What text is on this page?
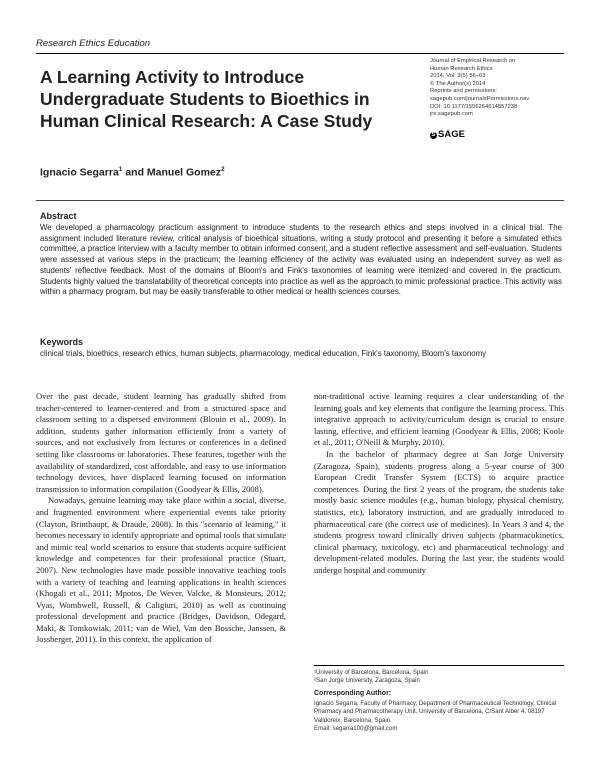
Research Ethics Education
A Learning Activity to Introduce Undergraduate Students to Bioethics in Human Clinical Research: A Case Study
Journal of Empirical Research on
Human Research Ethics
2014, Vol. 9(5) 56–63
© The Author(s) 2014
Reprints and permissions:
sagepub.com/journalsPermissions.nav
DOI: 10.1177/1556264614557238
jre.sagepub.com
S SAGE
Ignacio Segarra$^1$ and Manuel Gomez$^2$
Abstract
We developed a pharmacology practicum assignment to introduce students to the research ethics and steps involved in a clinical trial. The assignment included literature review, critical analysis of bioethical situations, writing a study protocol and presenting it before a simulated ethics committee, a practice interview with a faculty member to obtain informed consent, and a student reflective assessment and self-evaluation. Students were assessed at various steps in the practicum; the learning efficiency of the activity was evaluated using an independent survey as well as students' reflective feedback. Most of the domains of Bloom's and Fink's taxonomies of learning were itemized and covered in the practicum. Students highly valued the translatability of theoretical concepts into practice as well as the approach to mimic professional practice. This activity was within a pharmacy program, but may be easily transferable to other medical or health sciences courses.
Keywords
clinical trials, bioethics, research ethics, human subjects, pharmacology, medical education, Fink's taxonomy, Bloom's taxonomy

Over the past decade, student learning has gradually shifted from teacher-centered to learner-centered and from a structured space and classroom setting to a dispersed environment (Blouin et al., 2009). In addition, students gather information efficiently from a variety of sources, and not exclusively from lectures or conferences in a defined setting like classrooms or laboratories. These features, together with the availability of standardized, cost affordable, and easy to use information technology devices, have displaced learning focused on information transmission to information compilation (Goodyear & Ellis, 2008).

Nowadays, genuine learning may take place within a social, diverse, and fragmented environment where experiential events take priority (Clayton, Brinthaupt, & Draude, 2008). In this "scenario of learning," it becomes necessary to identify appropriate and optimal tools that simulate and mimic real world scenarios to ensure that students acquire sufficient knowledge and competences for their professional practice (Stuart, 2007). New technologies have made possible innovative teaching tools with a variety of teaching and learning applications in health sciences (Khogali et al., 2011; Mpotos, De Wever, Valcke, & Monsieurs, 2012; Vyas, Wombwell, Russell, & Caligiuri, 2010) as well as continuing professional development and practice (Bridges, Davidson, Odegard, Maki, & Tomkowiak, 2011; van de Wiel, Van den Bossche, Janssen, & Jossberger, 2011). In this context, the application of

non-traditional active learning requires a clear understanding of the learning goals and key elements that configure the learning process. This integrative approach to activity/curriculum design is crucial to ensure lasting, effective, and efficient learning (Goodyear & Ellis, 2008; Koole et al., 2011; O'Neill & Murphy, 2010).

In the bachelor of pharmacy degree at San Jorge University (Zaragoza, Spain), students progress along a 5-year course of 300 European Credit Transfer System (ECTS) to acquire practice competences. During the first 2 years of the program, the students take mostly basic science modules (e.g., human biology, physical chemistry, statistics, etc), laboratory instruction, and are gradually introduced to pharmaceutical care (the correct use of medicines). In Years 3 and 4, the students progress toward clinically driven subjects (pharmacokinetics, clinical pharmacy, toxicology, etc) and pharmaceutical technology and development-related modules. During the last year, the students would undergo hospital and community

¹University of Barcelona, Barcelona, Spain
²San Jorge University, Zaragoza, Spain
Corresponding Author:
Ignacio Segarra, Faculty of Pharmacy, Department of Pharmaceutical Technology, Clinical Pharmacy and Pharmacotherapy Unit, University of Barcelona, C/Sant Alber 4, 08197 Valldoreix, Barcelona, Spain.
Email: segarra100@gmail.com
